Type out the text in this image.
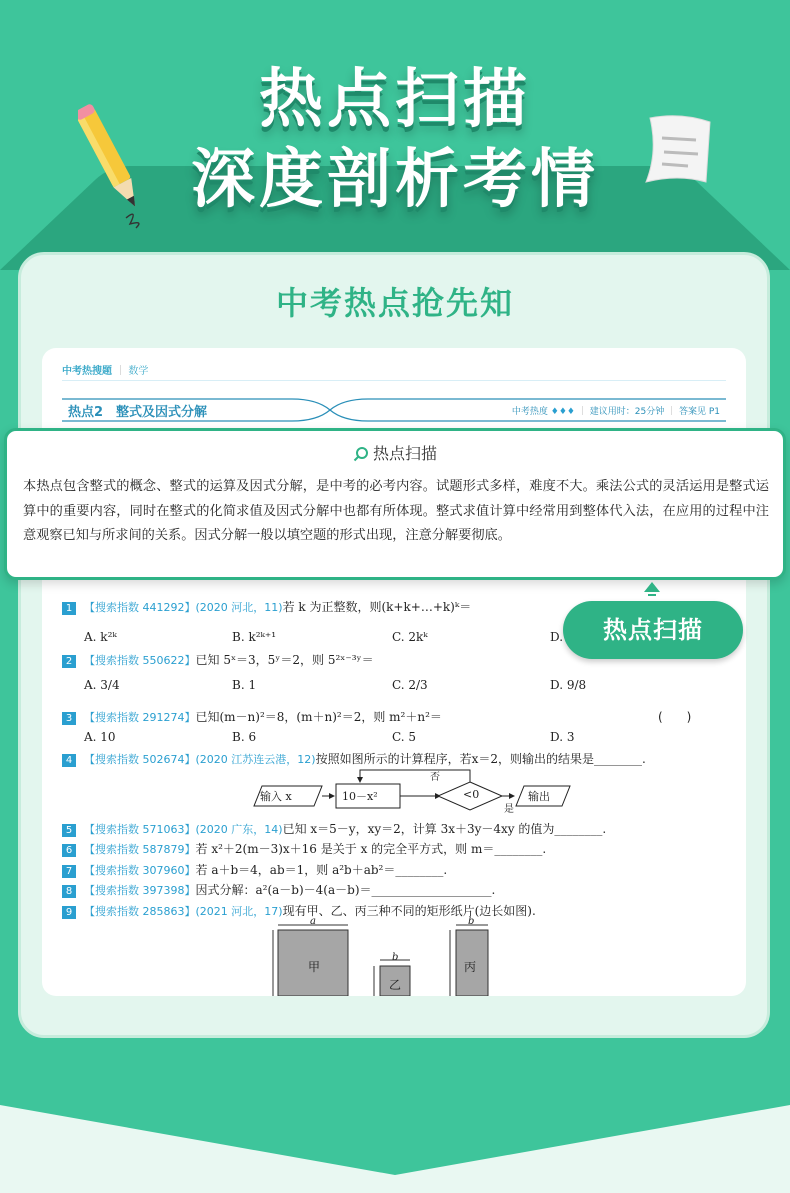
热点扫描
深度剖析考情
中考热点抢先知
中考热搜题 ｜ 数学
热点2　整式及因式分解	中考热度 ♦♦♦ ｜ 建议用时：25分钟 ｜ 答案见 P1
1 【搜索指数 441292】(2020 河北，11)若 k 为正整数，则(k+k+…+k)ᵏ＝
A. k²ᵏ	B. k²ᵏ⁺¹	C. 2kᵏ	D.
2 【搜索指数 550622】已知 5ˣ＝3，5ʸ＝2，则 5²ˣ⁻³ʸ＝
A. 3/4	B. 1	C. 2/3	D. 9/8
3 【搜索指数 291274】已知(m－n)²＝8，(m＋n)²＝2，则 m²＋n²＝	(　　)
A. 10	B. 6	C. 5	D. 3
4 【搜索指数 502674】(2020 江苏连云港，12)按照如图所示的计算程序，若x＝2，则输出的结果是________.
输入 x	10－x²	<0
否
是
输出
5 【搜索指数 571063】(2020 广东，14)已知 x＝5－y，xy＝2，计算 3x＋3y－4xy 的值为________.
6 【搜索指数 587879】若 x²＋2(m－3)x＋16 是关于 x 的完全平方式，则 m＝________.
7 【搜索指数 307960】若 a＋b＝4，ab＝1，则 a²b＋ab²＝________.
8 【搜索指数 397398】因式分解：a²(a－b)－4(a－b)＝____________________.
9 【搜索指数 285863】(2021 河北，17)现有甲、乙、丙三种不同的矩形纸片(边长如图).
甲
乙
丙
a
b
b
热点扫描
本热点包含整式的概念、整式的运算及因式分解，是中考的必考内容。试题形式多样，难度不大。乘法公式的灵活运用是整式运算中的重要内容，同时在整式的化简求值及因式分解中也都有所体现。整式求值计算中经常用到整体代入法，在应用的过程中注意观察已知与所求间的关系。因式分解一般以填空题的形式出现，注意分解要彻底。
热点扫描
